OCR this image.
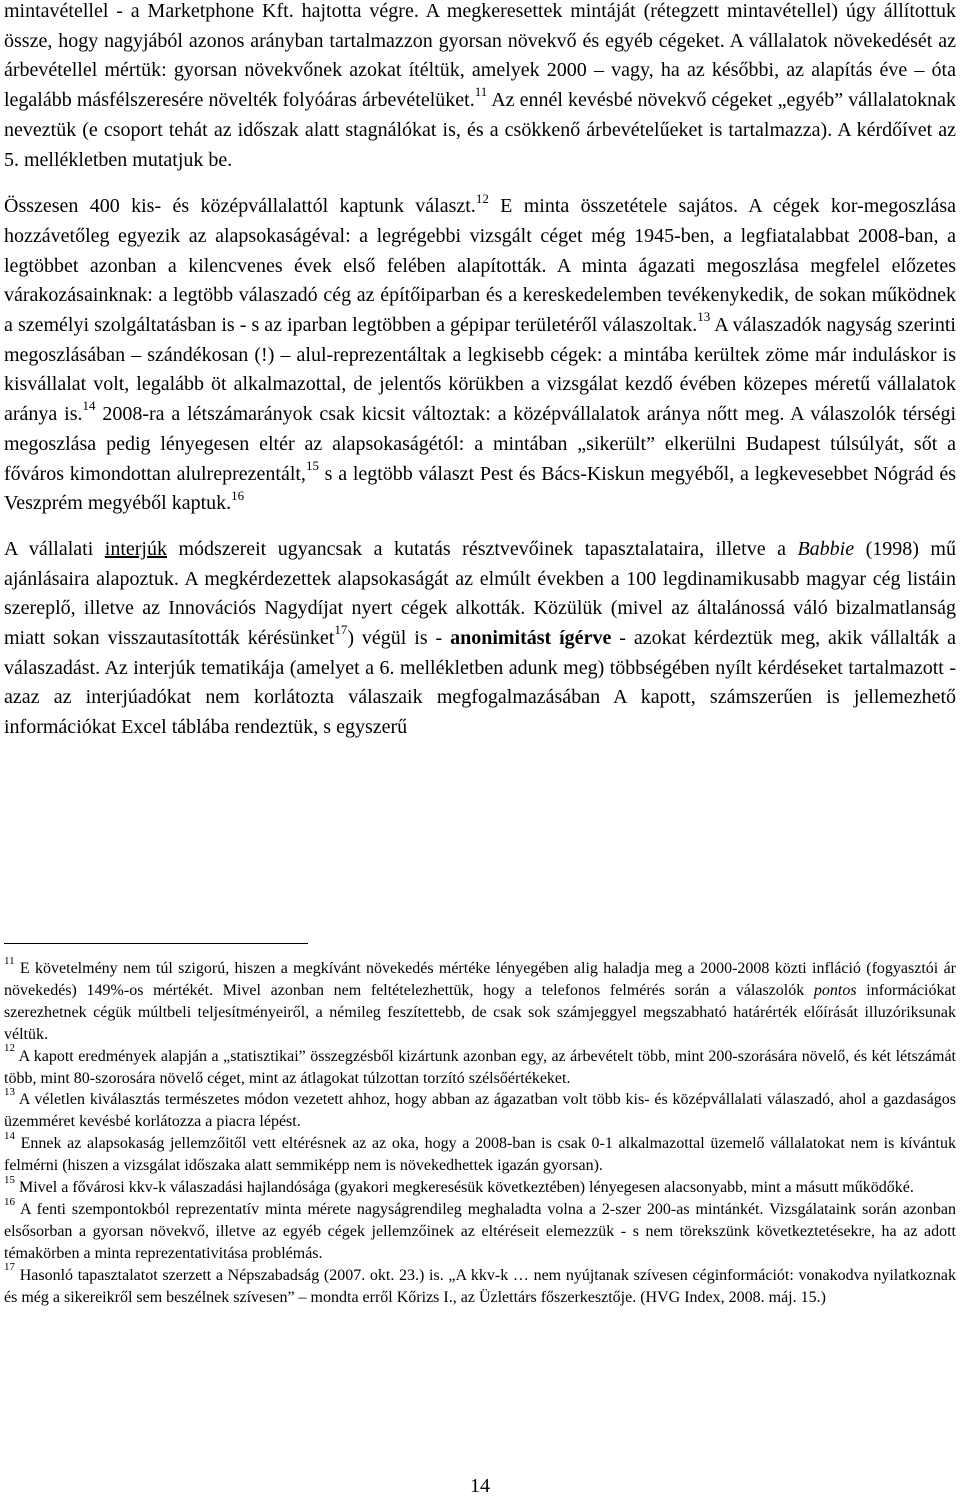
mintavétellel - a Marketphone Kft. hajtotta végre. A megkeresettek mintáját (rétegzett mintavétellel) úgy állítottuk össze, hogy nagyjából azonos arányban tartalmazzon gyorsan növekvő és egyéb cégeket. A vállalatok növekedését az árbevétellel mértük: gyorsan növekvőnek azokat ítéltük, amelyek 2000 – vagy, ha az későbbi, az alapítás éve – óta legalább másfélszeresére növelték folyóáras árbevételüket.$^{11}$ Az ennél kevésbé növekvő cégeket „egyéb” vállalatoknak neveztük (e csoport tehát az időszak alatt stagnálókat is, és a csökkenő árbevételűeket is tartalmazza). A kérdőívet az 5. mellékletben mutatjuk be.

Összesen 400 kis- és középvállalattól kaptunk választ.$^{12}$ E minta összetétele sajátos. A cégek kor-megoszlása hozzávetőleg egyezik az alapsokaságéval: a legrégebbi vizsgált céget még 1945-ben, a legfiatalabbat 2008-ban, a legtöbbet azonban a kilencvenes évek első felében alapították. A minta ágazati megoszlása megfelel előzetes várakozásainknak: a legtöbb válaszadó cég az építőiparban és a kereskedelemben tevékenykedik, de sokan működnek a személyi szolgáltatásban is - s az iparban legtöbben a gépipar területéről válaszoltak.$^{13}$ A válaszadók nagyság szerinti megoszlásában – szándékosan (!) – alul-reprezentáltak a legkisebb cégek: a mintába kerültek zöme már induláskor is kisvállalat volt, legalább öt alkalmazottal, de jelentős körükben a vizsgálat kezdő évében közepes méretű vállalatok aránya is.$^{14}$ 2008-ra a létszámarányok csak kicsit változtak: a középvállalatok aránya nőtt meg. A válaszolók térségi megoszlása pedig lényegesen eltér az alapsokaságétól: a mintában „sikerült” elkerülni Budapest túlsúlyát, sőt a főváros kimondottan alulreprezentált,$^{15}$ s a legtöbb választ Pest és Bács-Kiskun megyéből, a legkevesebbet Nógrád és Veszprém megyéből kaptuk.$^{16}$

A vállalati interjúk módszereit ugyancsak a kutatás résztvevőinek tapasztalataira, illetve a Babbie (1998) mű ajánlásaira alapoztuk. A megkérdezettek alapsokaságát az elmúlt években a 100 legdinamikusabb magyar cég listáin szereplő, illetve az Innovációs Nagydíjat nyert cégek alkották. Közülük (mivel az általánossá váló bizalmatlanság miatt sokan visszautasították kérésünket$^{17}$) végül is - anonimitást ígérve - azokat kérdeztük meg, akik vállalták a válaszadást. Az interjúk tematikája (amelyet a 6. mellékletben adunk meg) többségében nyílt kérdéseket tartalmazott - azaz az interjúadókat nem korlátozta válaszaik megfogalmazásában A kapott, számszerűen is jellemezhető információkat Excel táblába rendeztük, s egyszerű

$^{11}$ E követelmény nem túl szigorú, hiszen a megkívánt növekedés mértéke lényegében alig haladja meg a 2000-2008 közti infláció (fogyasztói ár növekedés) 149%-os mértékét. Mivel azonban nem feltételezhettük, hogy a telefonos felmérés során a válaszolók pontos információkat szerezhetnek cégük múltbeli teljesítményeiről, a némileg feszítettebb, de csak sok számjeggyel megszabható határérték előírását illuzóriksunak véltük.

$^{12}$ A kapott eredmények alapján a „statisztikai” összegzésből kizártunk azonban egy, az árbevételt több, mint 200-szorására növelő, és két létszámát több, mint 80-szorosára növelő céget, mint az átlagokat túlzottan torzító szélsőértékeket.

$^{13}$ A véletlen kiválasztás természetes módon vezetett ahhoz, hogy abban az ágazatban volt több kis- és középvállalati válaszadó, ahol a gazdaságos üzemméret kevésbé korlátozza a piacra lépést.

$^{14}$ Ennek az alapsokaság jellemzőitől vett eltérésnek az az oka, hogy a 2008-ban is csak 0-1 alkalmazottal üzemelő vállalatokat nem is kívántuk felmérni (hiszen a vizsgálat időszaka alatt semmiképp nem is növekedhettek igazán gyorsan).

$^{15}$ Mivel a fővárosi kkv-k válaszadási hajlandósága (gyakori megkeresésük következtében) lényegesen alacsonyabb, mint a másutt működőké.

$^{16}$ A fenti szempontokból reprezentatív minta mérete nagyságrendileg meghaladta volna a 2-szer 200-as mintánkét. Vizsgálataink során azonban elsősorban a gyorsan növekvő, illetve az egyéb cégek jellemzőinek az eltéréseit elemezzük - s nem törekszünk következtetésekre, ha az adott témakörben a minta reprezentativitása problémás.

$^{17}$ Hasonló tapasztalatot szerzett a Népszabadság (2007. okt. 23.) is. „A kkv-k … nem nyújtanak szívesen céginformációt: vonakodva nyilatkoznak és még a sikereikről sem beszélnek szívesen” – mondta erről Kőrizs I., az Üzlettárs főszerkesztője. (HVG Index, 2008. máj. 15.)

14
